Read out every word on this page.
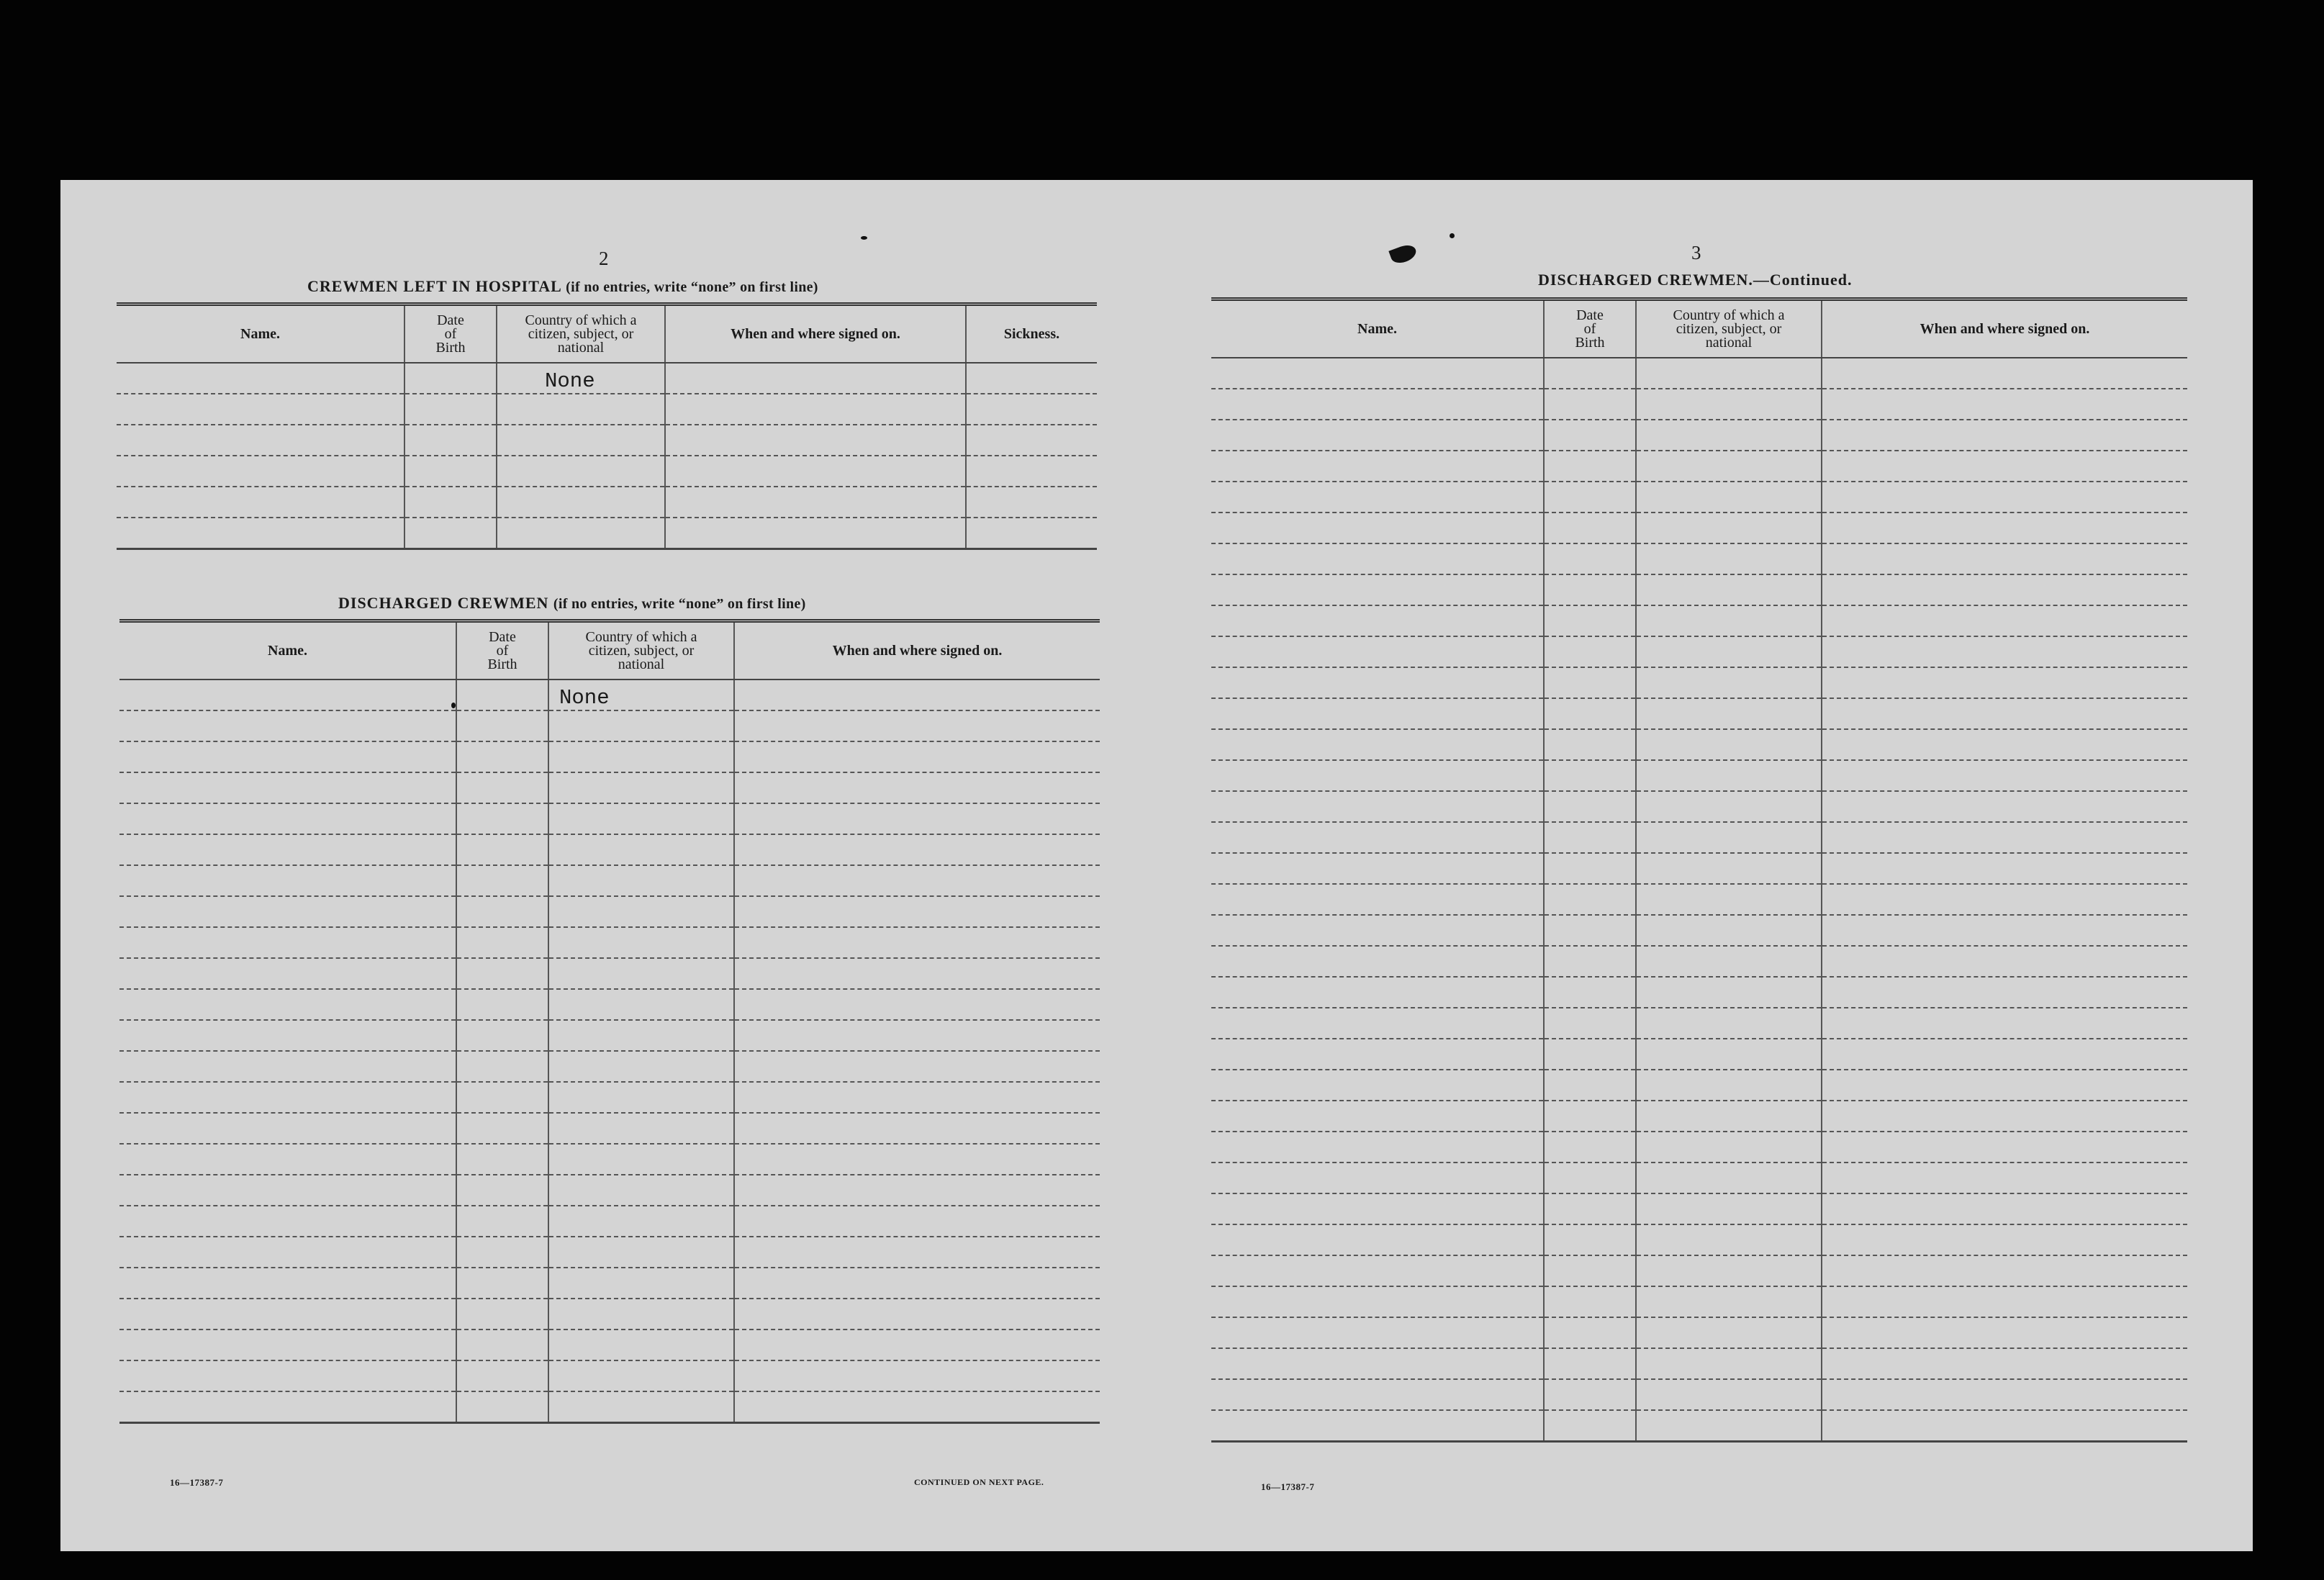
2
CREWMEN LEFT IN HOSPITAL (if no entries, write “none” on first line)
Name.	Date
of
Birth	Country of which a
citizen, subject, or
national	When and where signed on.	Sickness.
		None		

DISCHARGED CREWMEN (if no entries, write “none” on first line)
Name.	Date
of
Birth	Country of which a
citizen, subject, or
national	When and where signed on.
		None	

16—17387-7	CONTINUED ON NEXT PAGE.
3
DISCHARGED CREWMEN.—Continued.
Name.	Date
of
Birth	Country of which a
citizen, subject, or
national	When and where signed on.

16—17387-7
